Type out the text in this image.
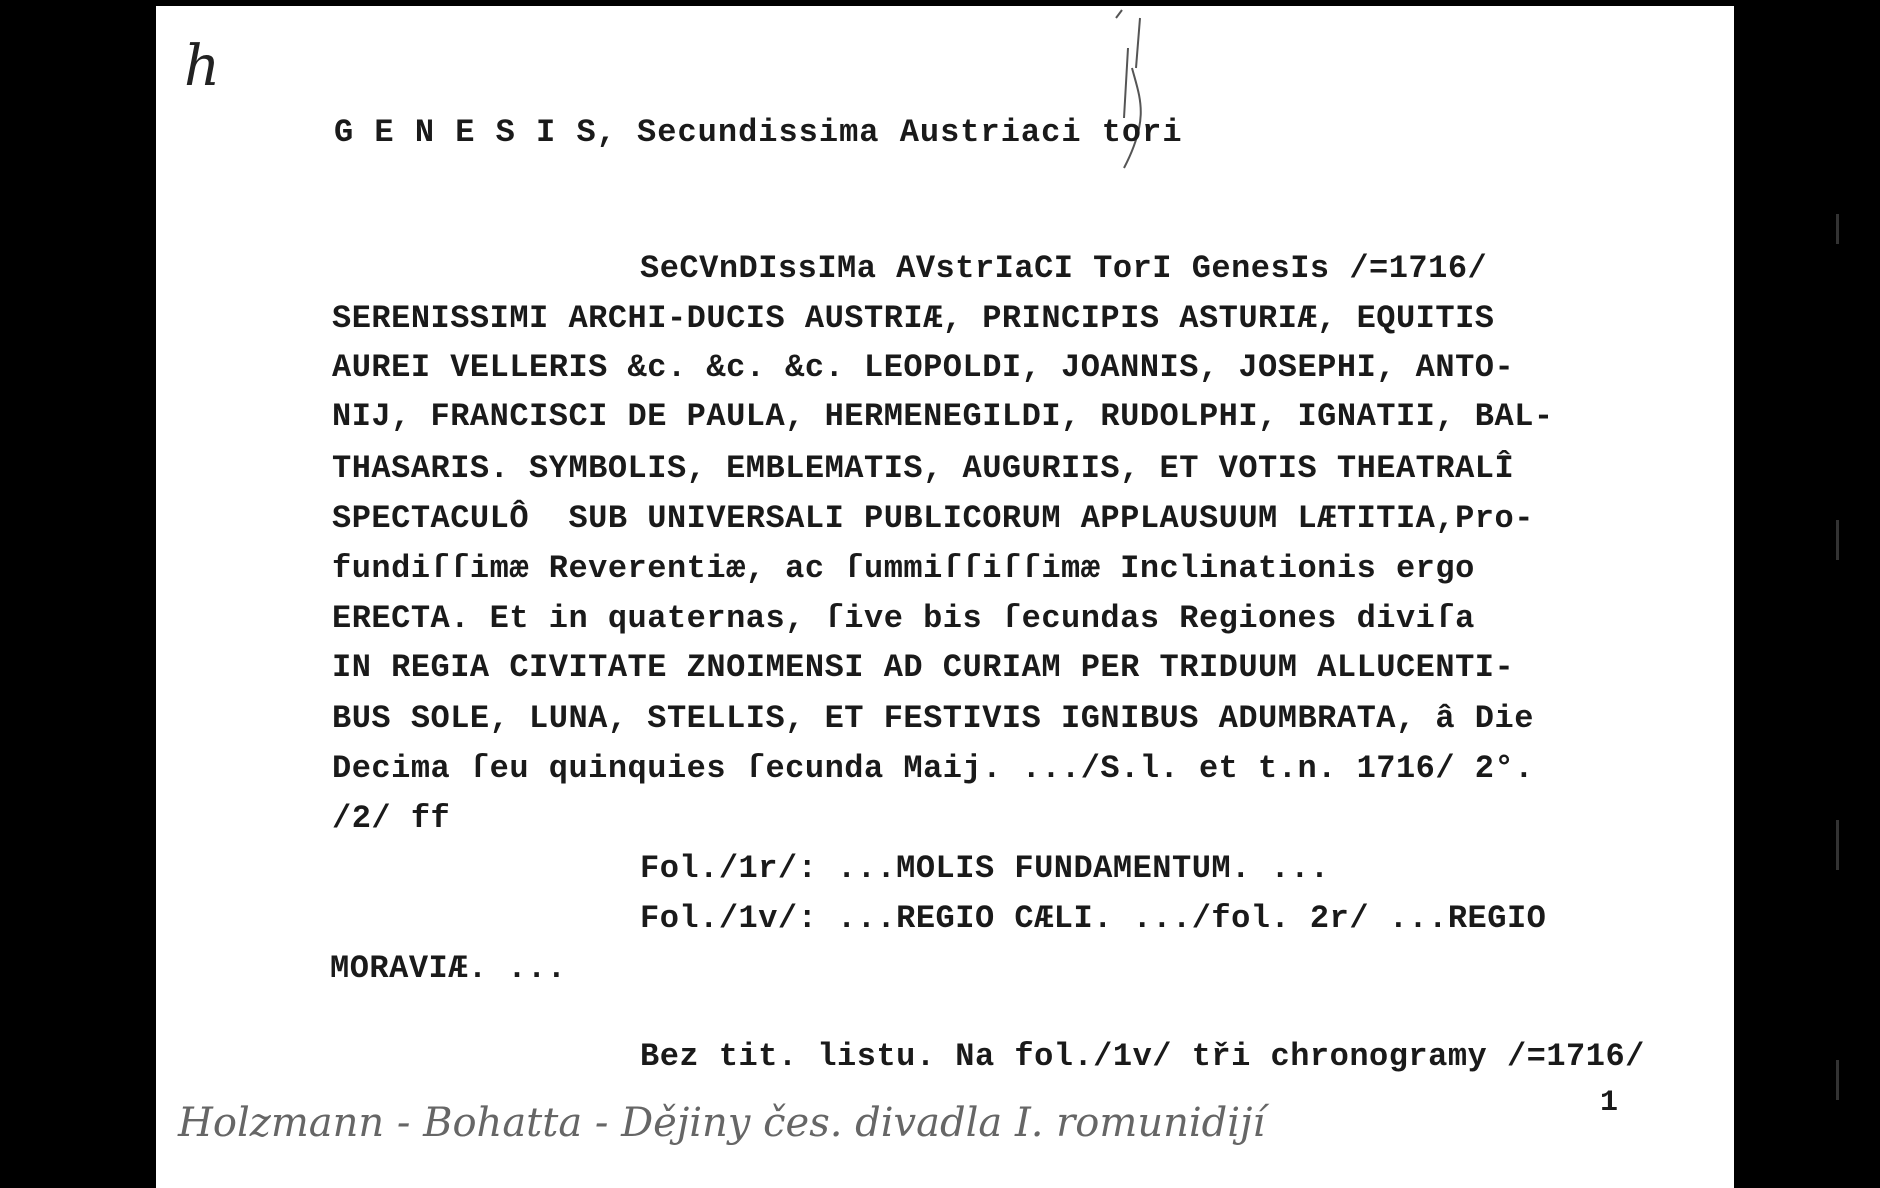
h
G E N E S I S, Secundissima Austriaci tori
SeCVnDIssIMa AVstrIaCI TorI GenesIs /=1716/
SERENISSIMI ARCHI-DUCIS AUSTRIÆ, PRINCIPIS ASTURIÆ, EQUITIS
AUREI VELLERIS &c. &c. &c. LEOPOLDI, JOANNIS, JOSEPHI, ANTO-
NIJ, FRANCISCI DE PAULA, HERMENEGILDI, RUDOLPHI, IGNATII, BAL-
THASARIS. SYMBOLIS, EMBLEMATIS, AUGURIIS, ET VOTIS THEATRALÎ
SPECTACULÔ  SUB UNIVERSALI PUBLICORUM APPLAUSUUM LÆTITIA,Pro-
fundiſſimæ Reverentiæ, ac ſummiſſiſſimæ Inclinationis ergo
ERECTA. Et in quaternas, ſive bis ſecundas Regiones diviſa
IN REGIA CIVITATE ZNOIMENSI AD CURIAM PER TRIDUUM ALLUCENTI-
BUS SOLE, LUNA, STELLIS, ET FESTIVIS IGNIBUS ADUMBRATA, â Die
Decima ſeu quinquies ſecunda Maij. .../S.l. et t.n. 1716/ 2°.
/2/ ff
Fol./1r/: ...MOLIS FUNDAMENTUM. ...
Fol./1v/: ...REGIO CÆLI. .../fol. 2r/ ...REGIO
MORAVIÆ. ...
Bez tit. listu. Na fol./1v/ tři chronogramy /=1716/
1
Holzmann - Bohatta - Dějiny čes. divadla I. romunidijí
